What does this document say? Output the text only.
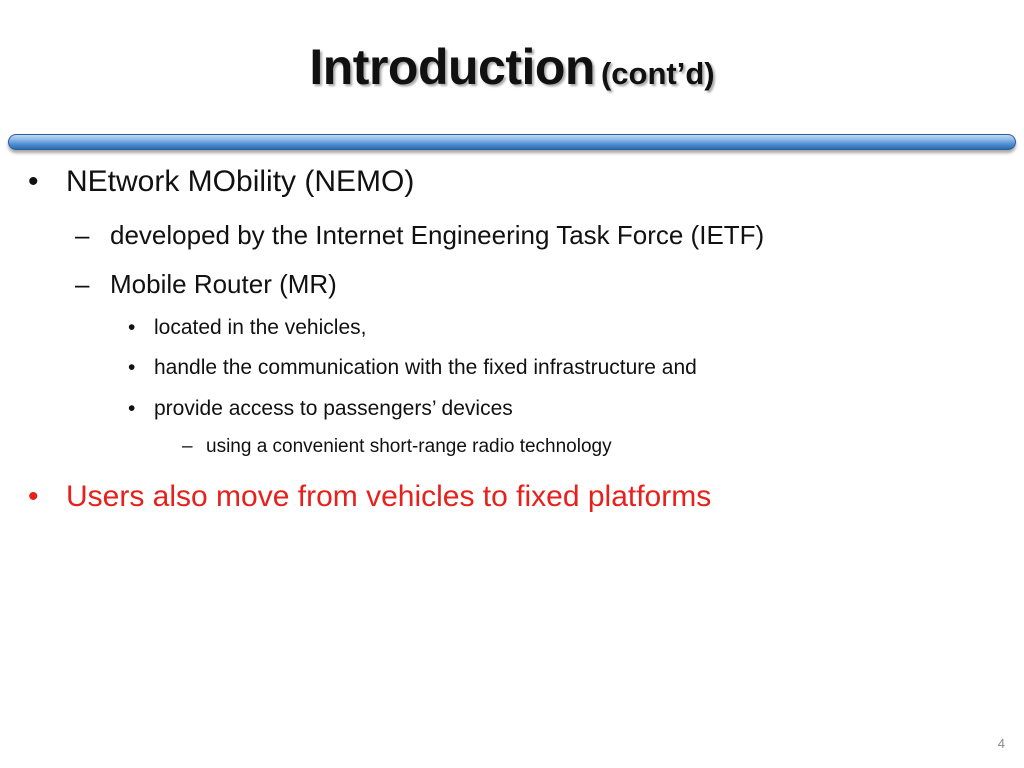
Introduction (cont’d)
• NEtwork MObility (NEMO)
– developed by the Internet Engineering Task Force (IETF)
– Mobile Router (MR)
• located in the vehicles,
• handle the communication with the fixed infrastructure and
• provide access to passengers’ devices
– using a convenient short-range radio technology
• Users also move from vehicles to fixed platforms
4
